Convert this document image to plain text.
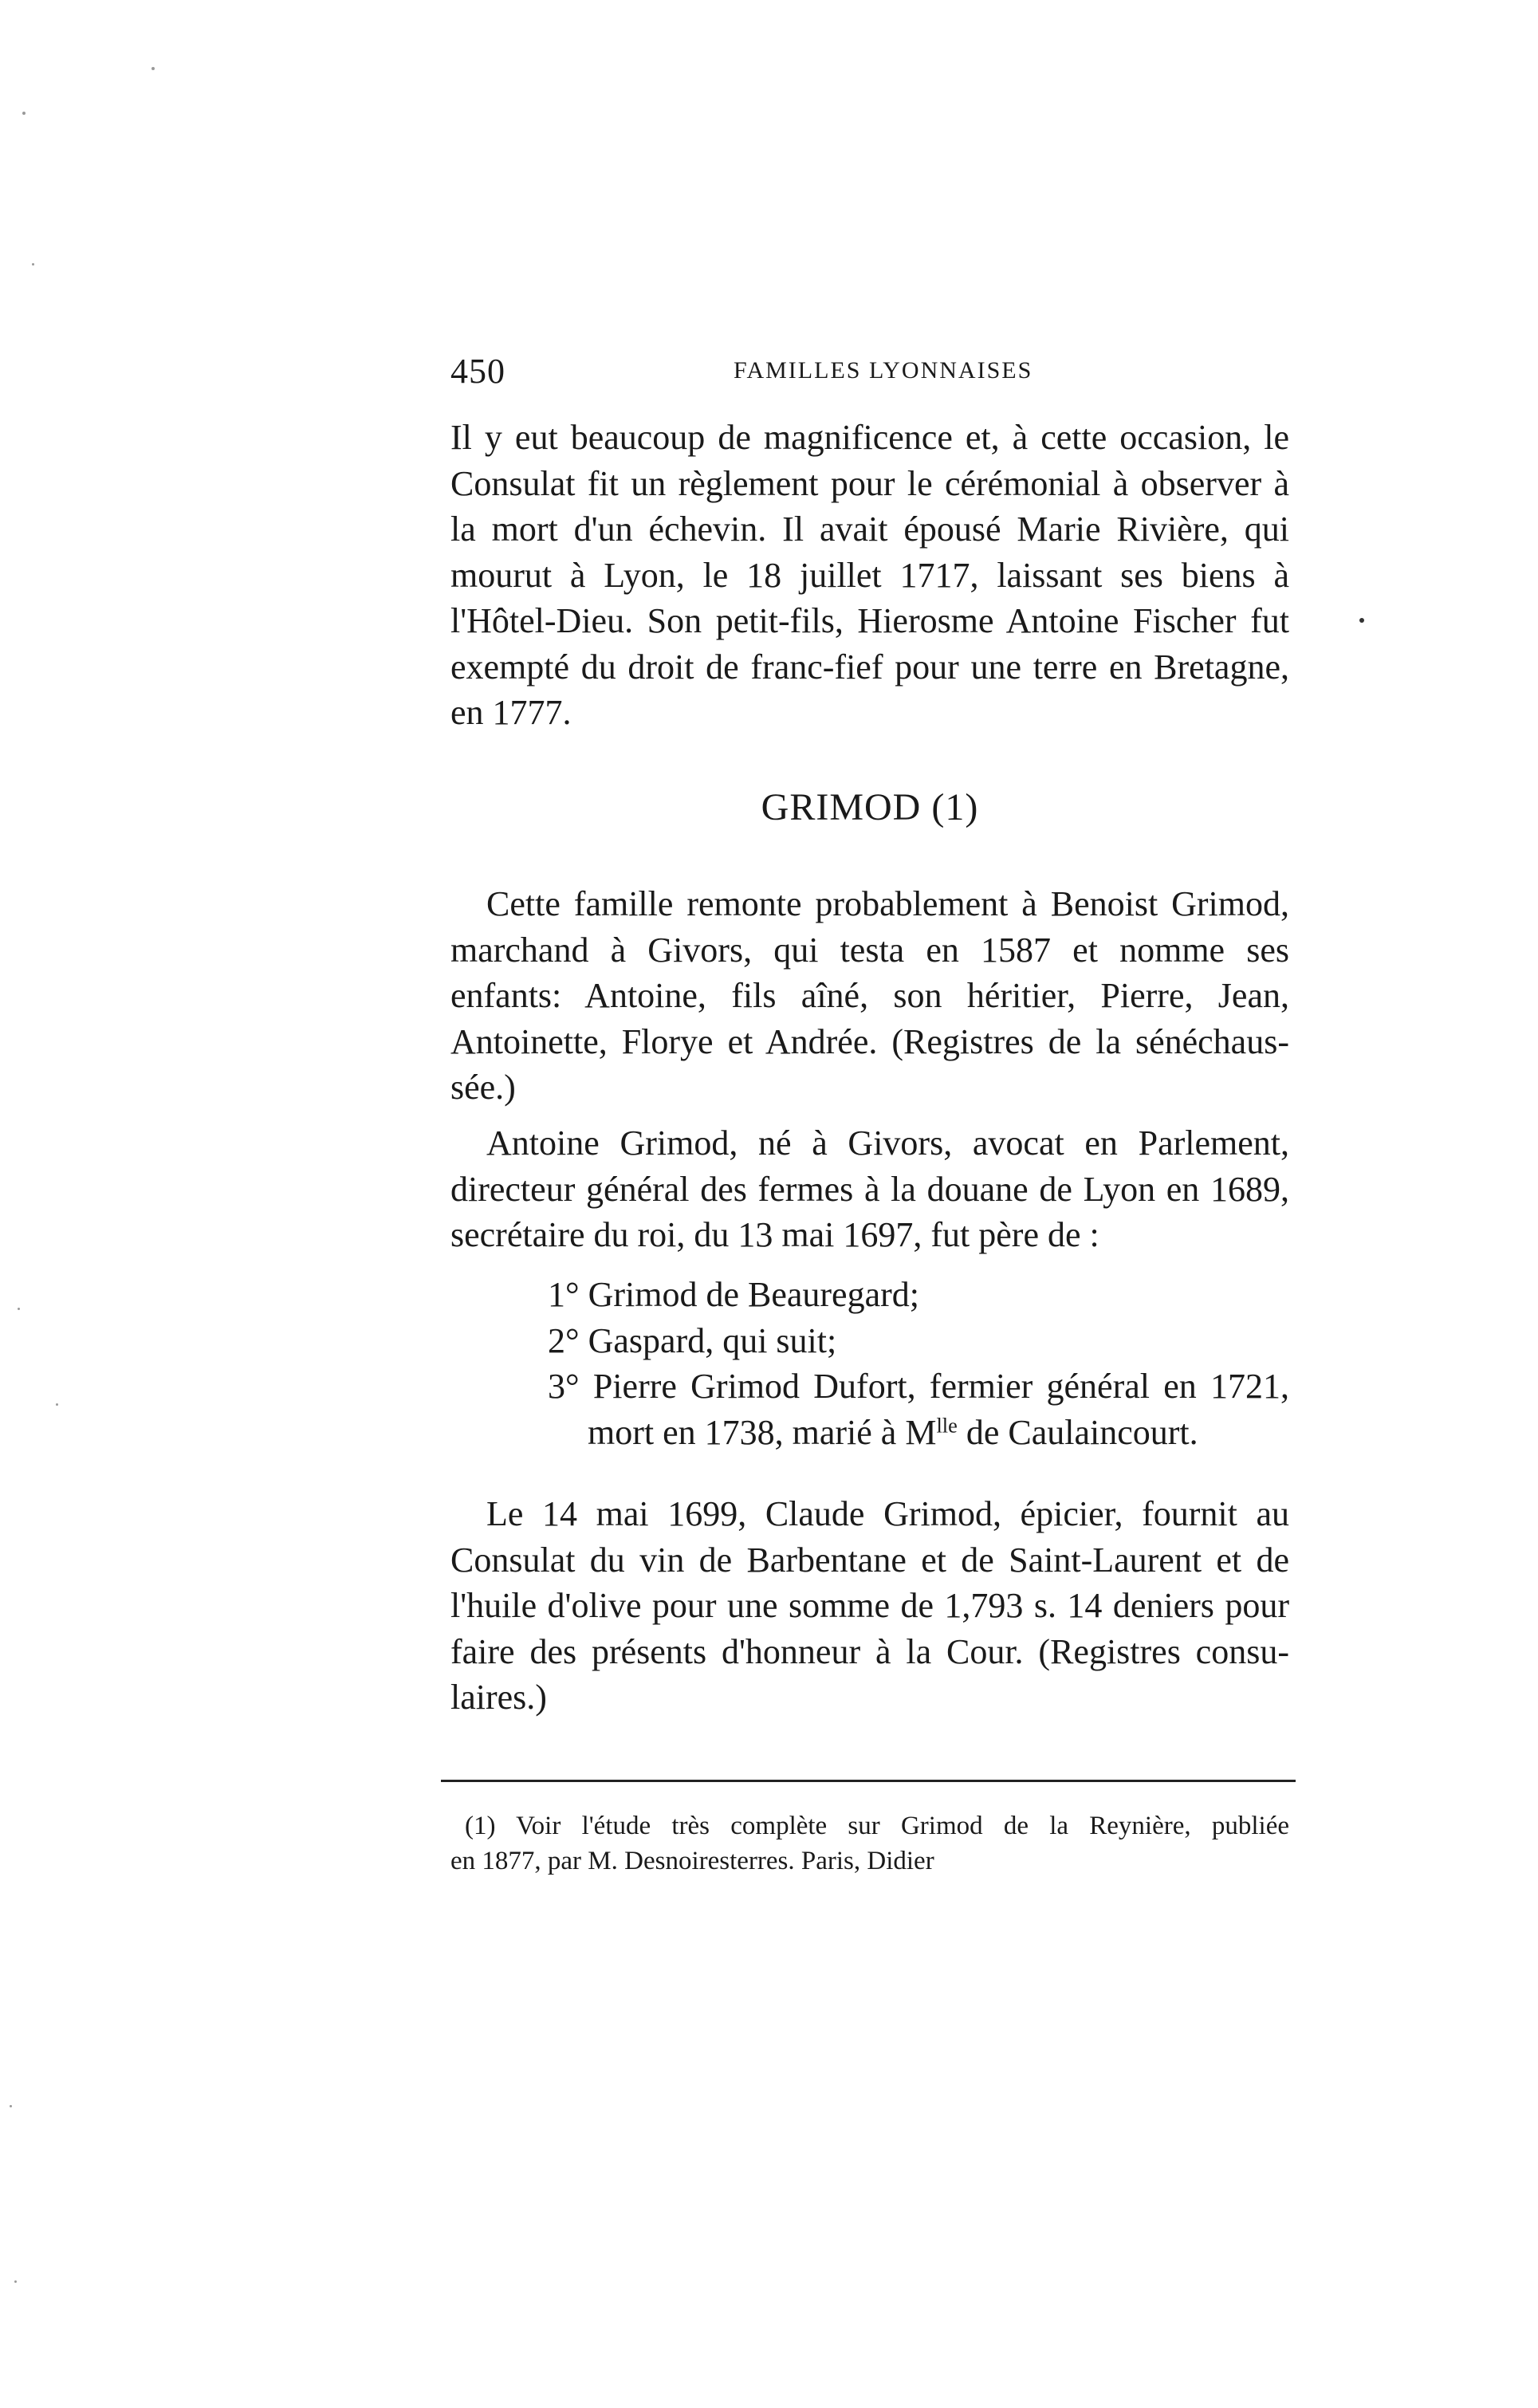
450	FAMILLES LYONNAISES
Il y eut beaucoup de magnificence et, à cette occasion, le
Consulat fit un règlement pour le cérémonial à observer à
la mort d'un échevin. Il avait épousé Marie Rivière, qui
mourut à Lyon, le 18 juillet 1717, laissant ses biens à
l'Hôtel-Dieu. Son petit-fils, Hierosme Antoine Fischer fut
exempté du droit de franc-fief pour une terre en Bretagne,
en 1777.
GRIMOD (1)
Cette famille remonte probablement à Benoist Grimod,
marchand à Givors, qui testa en 1587 et nomme ses
enfants: Antoine, fils aîné, son héritier, Pierre, Jean,
Antoinette, Florye et Andrée. (Registres de la sénéchaus-
sée.)
Antoine Grimod, né à Givors, avocat en Parlement,
directeur général des fermes à la douane de Lyon en 1689,
secrétaire du roi, du 13 mai 1697, fut père de :
1° Grimod de Beauregard;
2° Gaspard, qui suit;
3° Pierre Grimod Dufort, fermier général en 1721,
mort en 1738, marié à $M^{lle}$ de Caulaincourt.
Le 14 mai 1699, Claude Grimod, épicier, fournit au
Consulat du vin de Barbentane et de Saint-Laurent et de
l'huile d'olive pour une somme de 1,793 s. 14 deniers pour
faire des présents d'honneur à la Cour. (Registres consu-
laires.)
(1) Voir l'étude très complète sur Grimod de la Reynière, publiée
en 1877, par M. Desnoiresterres. Paris, Didier
